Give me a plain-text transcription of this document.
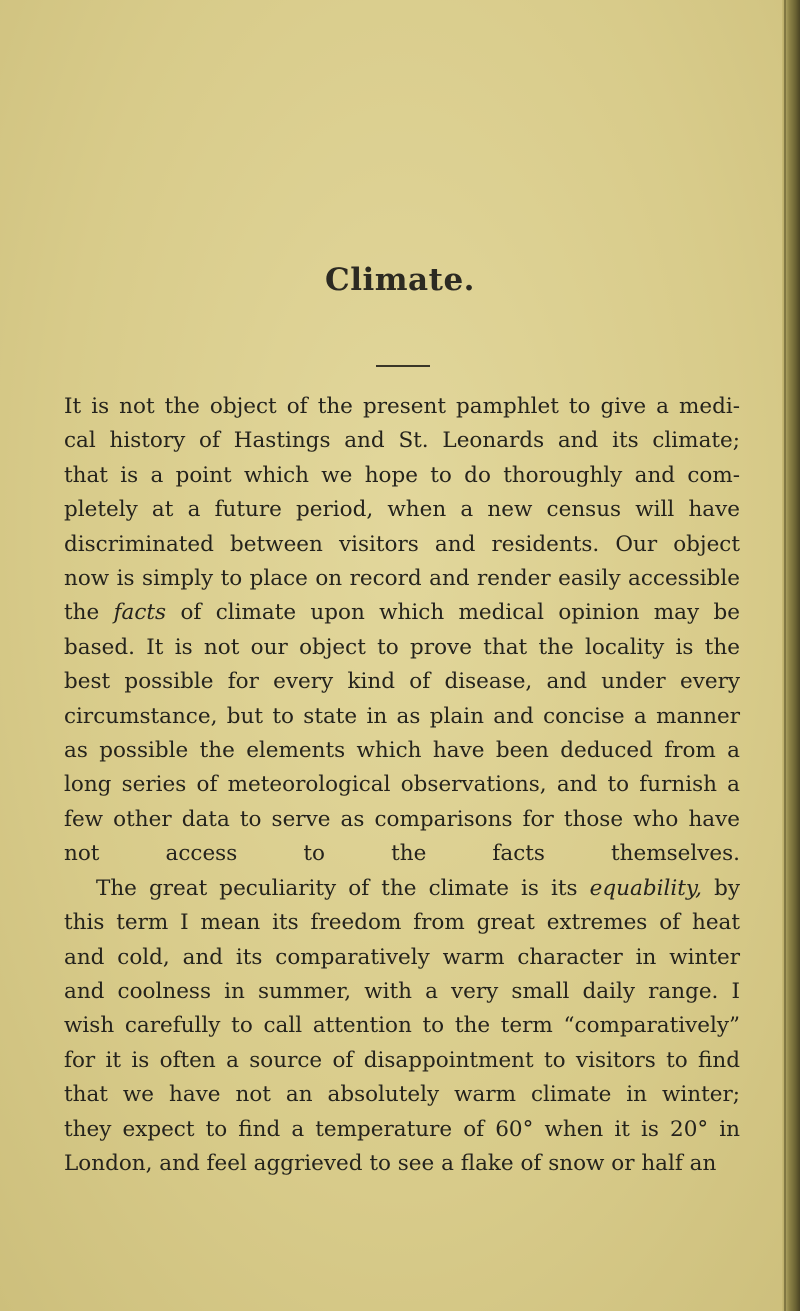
Climate.

It is not the object of the present pamphlet to give a medi-
cal history of Hastings and St. Leonards and its climate;
that is a point which we hope to do thoroughly and com-
pletely at a future period, when a new census will have
discriminated between visitors and residents. Our object
now is simply to place on record and render easily accessible
the facts of climate upon which medical opinion may be
based. It is not our object to prove that the locality is the
best possible for every kind of disease, and under every
circumstance, but to state in as plain and concise a manner
as possible the elements which have been deduced from a
long series of meteorological observations, and to furnish a
few other data to serve as comparisons for those who have
not access to the facts themselves.

The great peculiarity of the climate is its equability, by
this term I mean its freedom from great extremes of heat
and cold, and its comparatively warm character in winter
and coolness in summer, with a very small daily range. I
wish carefully to call attention to the term “comparatively”
for it is often a source of disappointment to visitors to find
that we have not an absolutely warm climate in winter;
they expect to find a temperature of 60° when it is 20° in
London, and feel aggrieved to see a flake of snow or half an
